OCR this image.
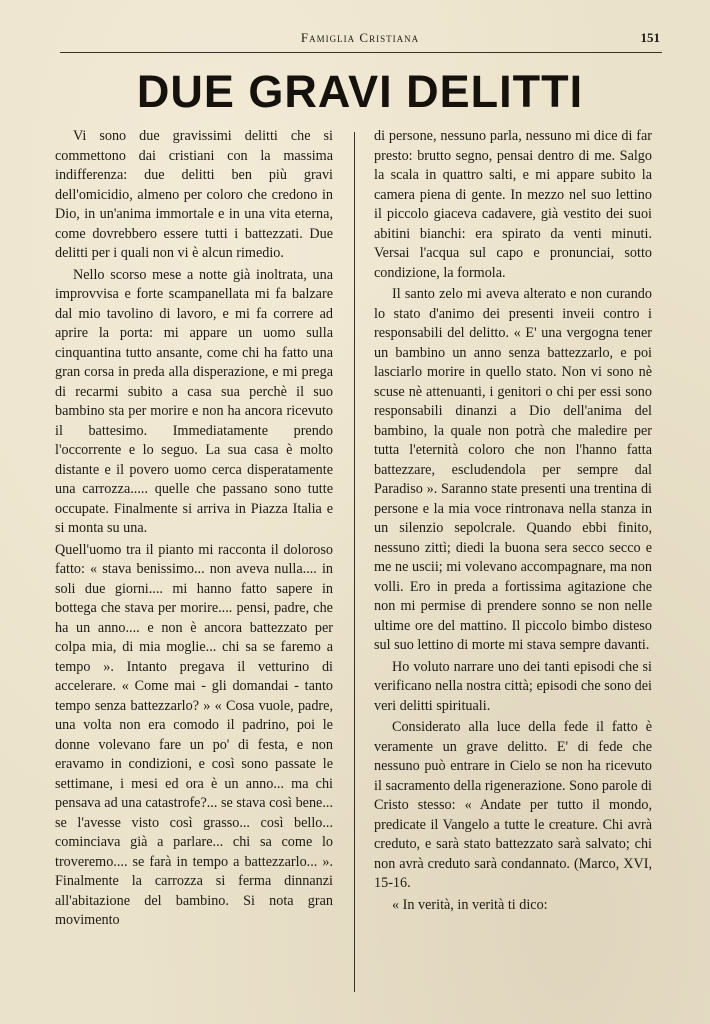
Famiglia Cristiana	151
DUE GRAVI DELITTI

Vi sono due gravissimi delitti che si commettono dai cristiani con la massima indifferenza: due delitti ben più gravi dell'omicidio, almeno per coloro che credono in Dio, in un'anima immortale e in una vita eterna, come dovrebbero essere tutti i battezzati. Due delitti per i quali non vi è alcun rimedio.

Nello scorso mese a notte già inoltrata, una improvvisa e forte scampanellata mi fa balzare dal mio tavolino di lavoro, e mi fa correre ad aprire la porta: mi appare un uomo sulla cinquantina tutto ansante, come chi ha fatto una gran corsa in preda alla disperazione, e mi prega di recarmi subito a casa sua perchè il suo bambino sta per morire e non ha ancora ricevuto il battesimo. Immediatamente prendo l'occorrente e lo seguo. La sua casa è molto distante e il povero uomo cerca disperatamente una carrozza..... quelle che passano sono tutte occupate. Finalmente si arriva in Piazza Italia e si monta su una.

Quell'uomo tra il pianto mi racconta il doloroso fatto: « stava benissimo... non aveva nulla.... in soli due giorni.... mi hanno fatto sapere in bottega che stava per morire.... pensi, padre, che ha un anno.... e non è ancora battezzato per colpa mia, di mia moglie... chi sa se faremo a tempo ». Intanto pregava il vetturino di accelerare. « Come mai - gli domandai - tanto tempo senza battezzarlo? » « Cosa vuole, padre, una volta non era comodo il padrino, poi le donne volevano fare un po' di festa, e non eravamo in condizioni, e così sono passate le settimane, i mesi ed ora è un anno... ma chi pensava ad una catastrofe?... se stava così bene... se l'avesse visto così grasso... così bello... cominciava già a parlare... chi sa come lo troveremo.... se farà in tempo a battezzarlo... ». Finalmente la carrozza si ferma dinnanzi all'abitazione del bambino. Si nota gran movimento

di persone, nessuno parla, nessuno mi dice di far presto: brutto segno, pensai dentro di me. Salgo la scala in quattro salti, e mi appare subito la camera piena di gente. In mezzo nel suo lettino il piccolo giaceva cadavere, già vestito dei suoi abitini bianchi: era spirato da venti minuti. Versai l'acqua sul capo e pronunciai, sotto condizione, la formola.

Il santo zelo mi aveva alterato e non curando lo stato d'animo dei presenti inveii contro i responsabili del delitto. « E' una vergogna tener un bambino un anno senza battezzarlo, e poi lasciarlo morire in quello stato. Non vi sono nè scuse nè attenuanti, i genitori o chi per essi sono responsabili dinanzi a Dio dell'anima del bambino, la quale non potrà che maledire per tutta l'eternità coloro che non l'hanno fatta battezzare, escludendola per sempre dal Paradiso ». Saranno state presenti una trentina di persone e la mia voce rintronava nella stanza in un silenzio sepolcrale. Quando ebbi finito, nessuno zittì; diedi la buona sera secco secco e me ne uscii; mi volevano accompagnare, ma non volli. Ero in preda a fortissima agitazione che non mi permise di prendere sonno se non nelle ultime ore del mattino. Il piccolo bimbo disteso sul suo lettino di morte mi stava sempre davanti.

Ho voluto narrare uno dei tanti episodi che si verificano nella nostra città; episodi che sono dei veri delitti spirituali.

Considerato alla luce della fede il fatto è veramente un grave delitto. E' di fede che nessuno può entrare in Cielo se non ha ricevuto il sacramento della rigenerazione. Sono parole di Cristo stesso: « Andate per tutto il mondo, predicate il Vangelo a tutte le creature. Chi avrà creduto, e sarà stato battezzato sarà salvato; chi non avrà creduto sarà condannato. (Marco, XVI, 15-16.

« In verità, in verità ti dico:
